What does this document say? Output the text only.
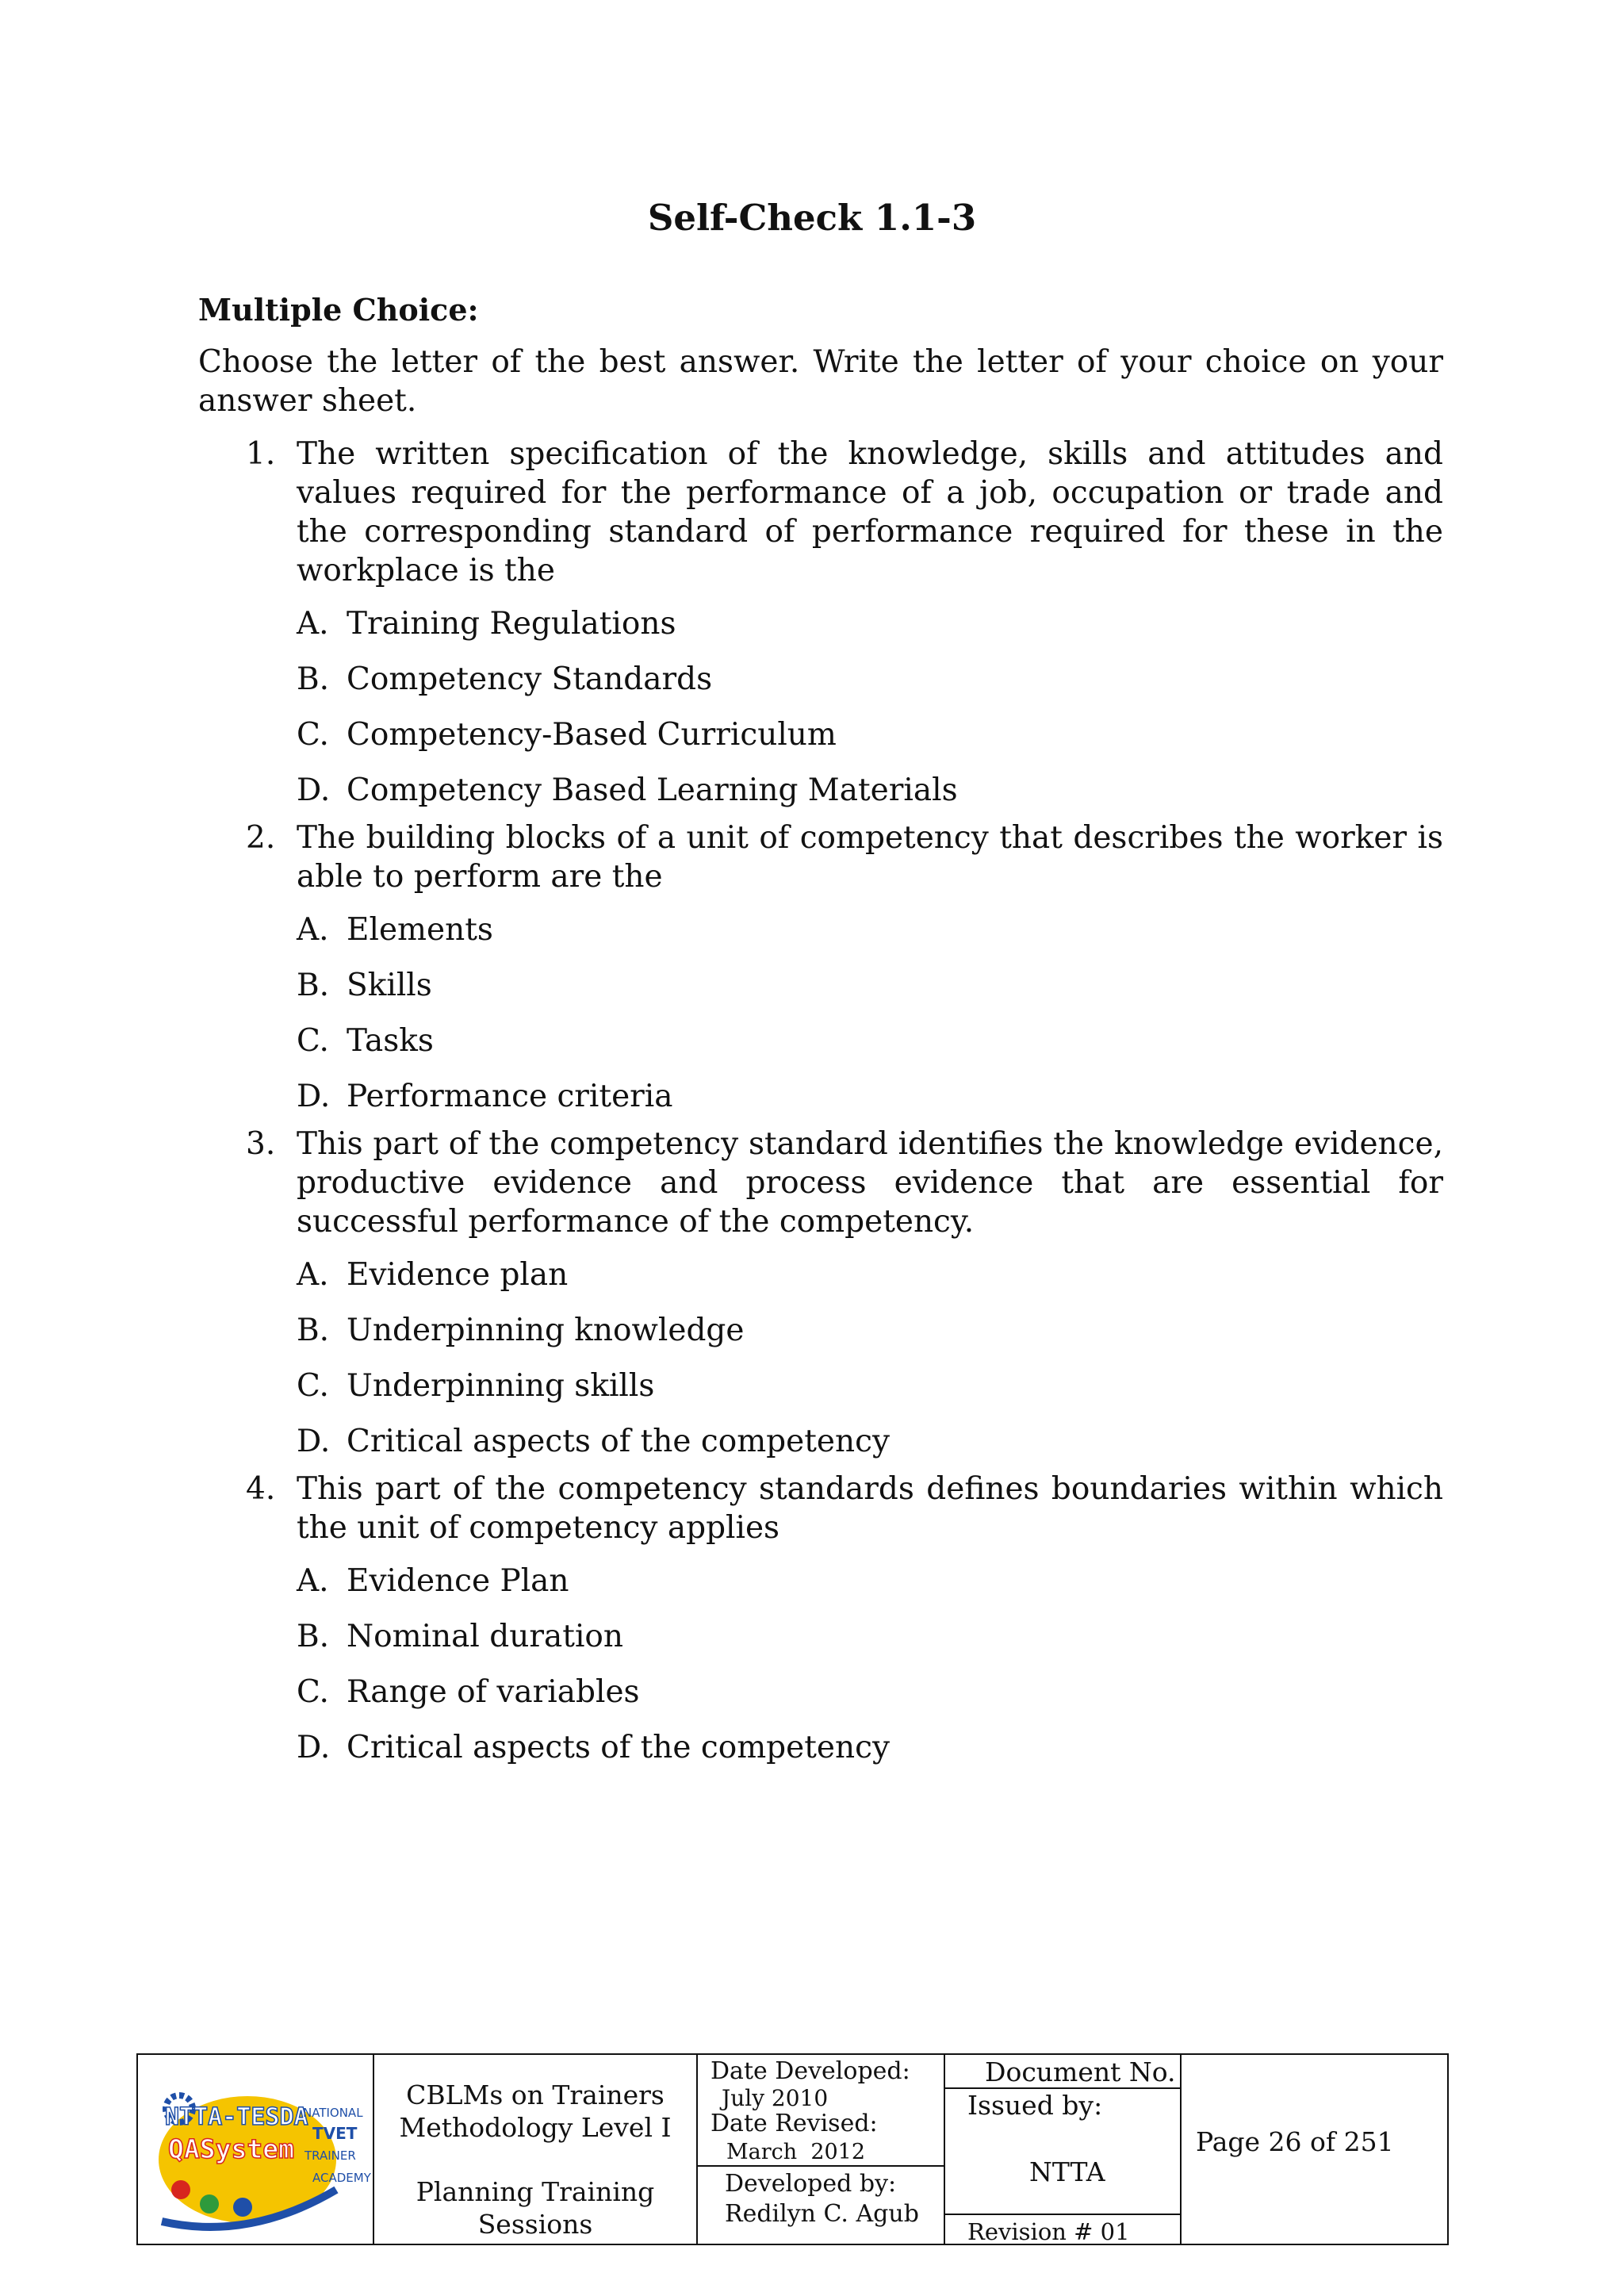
Self-Check 1.1-3
Multiple Choice:

Choose the letter of the best answer. Write the letter of your choice on your answer sheet.

1. The written specification of the knowledge, skills and attitudes and values required for the performance of a job, occupation or trade and the corresponding standard of performance required for these in the workplace is the
A. Training Regulations
B. Competency Standards
C. Competency-Based Curriculum
D. Competency Based Learning Materials
2. The building blocks of a unit of competency that describes the worker is able to perform are the
A. Elements
B. Skills
C. Tasks
D. Performance criteria
3. This part of the competency standard identifies the knowledge evidence, productive evidence and process evidence that are essential for successful performance of the competency.
A. Evidence plan
B. Underpinning knowledge
C. Underpinning skills
D. Critical aspects of the competency
4. This part of the competency standards defines boundaries within which the unit of competency applies
A. Evidence Plan
B. Nominal duration
C. Range of variables
D. Critical aspects of the competency
NTTA-TESDA
QASystem
NATIONAL
TVET
TRAINER
ACADEMY
CBLMs on Trainers
Methodology Level I
Planning Training
Sessions
Date Developed:
July 2010
Date Revised:
March  2012
Developed by:
Redilyn C. Agub
Document No.
Issued by:
NTTA
Revision # 01
Page 26 of 251
